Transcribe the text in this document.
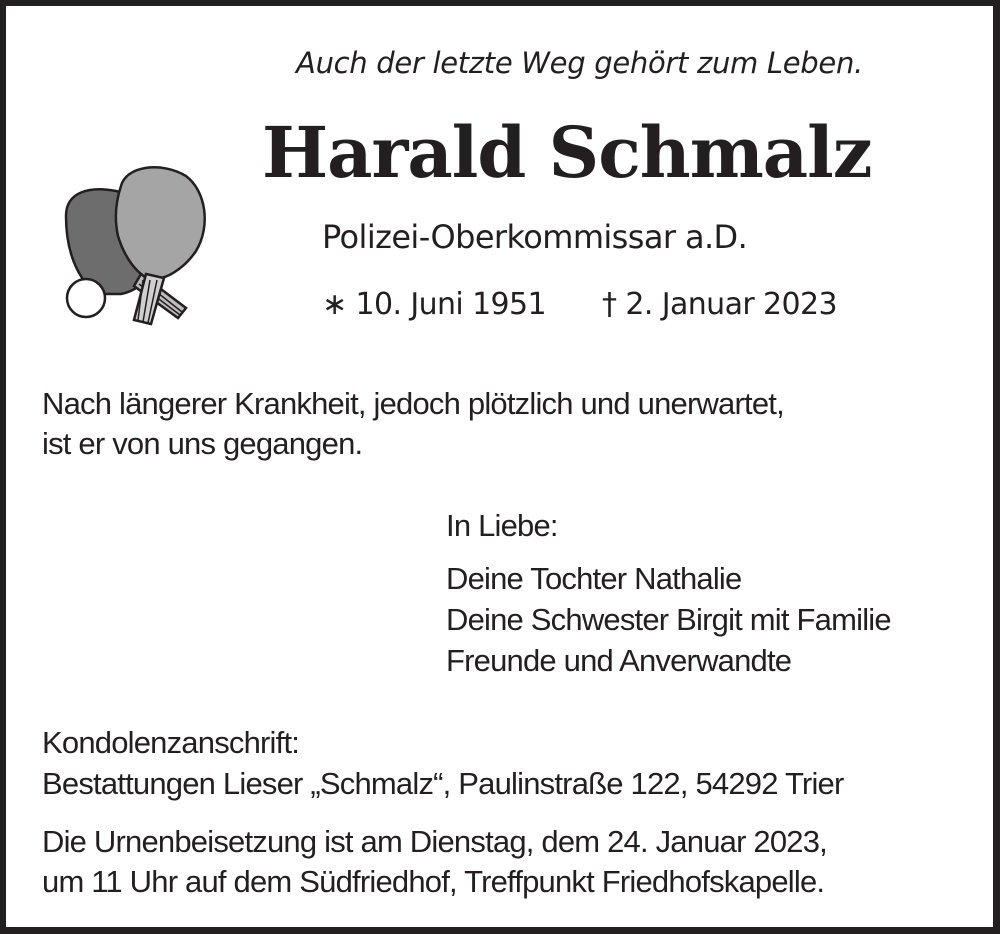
Auch der letzte Weg gehört zum Leben.
Harald Schmalz
Polizei-Oberkommissar a.D.
∗ 10. Juni 1951 † 2. Januar 2023
Nach längerer Krankheit, jedoch plötzlich und unerwartet,
ist er von uns gegangen.
In Liebe:
Deine Tochter Nathalie
Deine Schwester Birgit mit Familie
Freunde und Anverwandte
Kondolenzanschrift:
Bestattungen Lieser „Schmalz“, Paulinstraße 122, 54292 Trier
Die Urnenbeisetzung ist am Dienstag, dem 24. Januar 2023,
um 11 Uhr auf dem Südfriedhof, Treffpunkt Friedhofskapelle.
